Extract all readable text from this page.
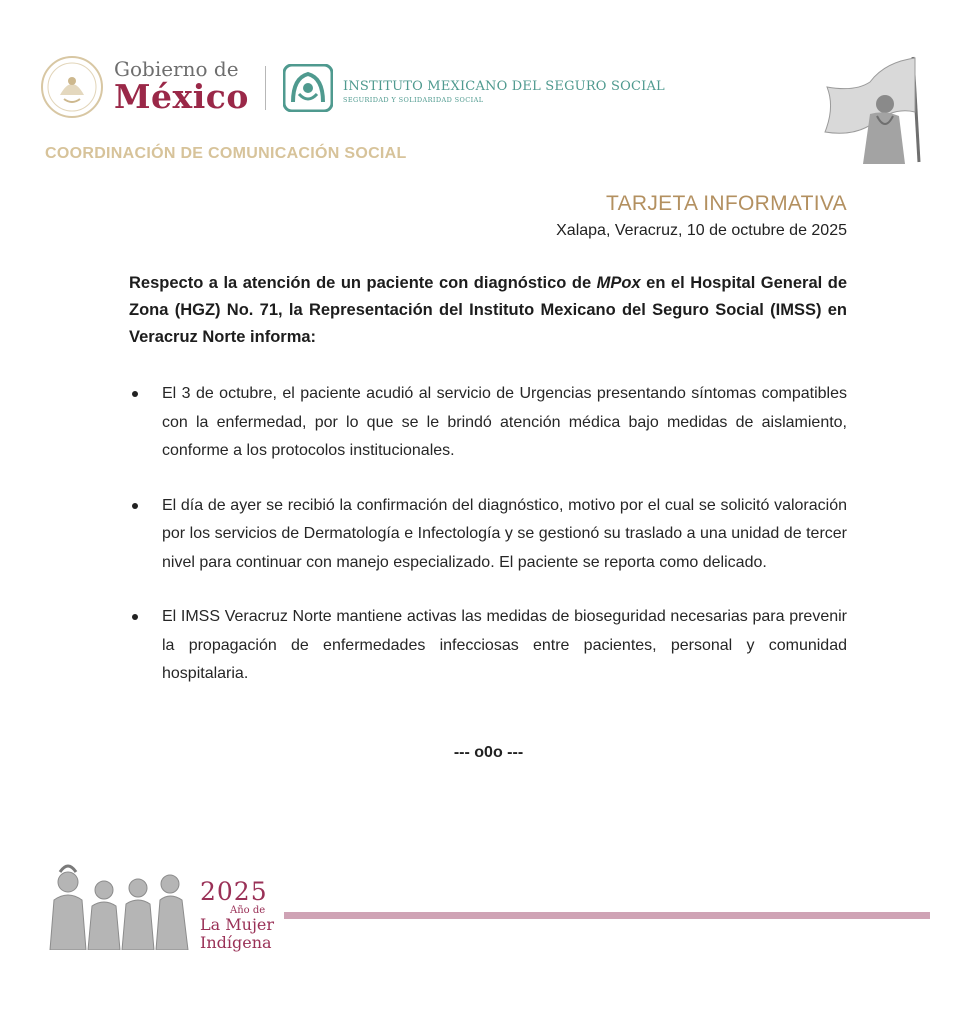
Gobierno de
México	INSTITUTO MEXICANO DEL SEGURO SOCIAL
SEGURIDAD Y SOLIDARIDAD SOCIAL
COORDINACIÓN DE COMUNICACIÓN SOCIAL
TARJETA INFORMATIVA
Xalapa, Veracruz, 10 de octubre de 2025
Respecto a la atención de un paciente con diagnóstico de MPox en el Hospital General de Zona (HGZ) No. 71, la Representación del Instituto Mexicano del Seguro Social (IMSS) en Veracruz Norte informa:
El 3 de octubre, el paciente acudió al servicio de Urgencias presentando síntomas compatibles con la enfermedad, por lo que se le brindó atención médica bajo medidas de aislamiento, conforme a los protocolos institucionales.
El día de ayer se recibió la confirmación del diagnóstico, motivo por el cual se solicitó valoración por los servicios de Dermatología e Infectología y se gestionó su traslado a una unidad de tercer nivel para continuar con manejo especializado. El paciente se reporta como delicado.
El IMSS Veracruz Norte mantiene activas las medidas de bioseguridad necesarias para prevenir la propagación de enfermedades infecciosas entre pacientes, personal y comunidad hospitalaria.
--- o0o ---
2025
Año de
La Mujer
Indígena
